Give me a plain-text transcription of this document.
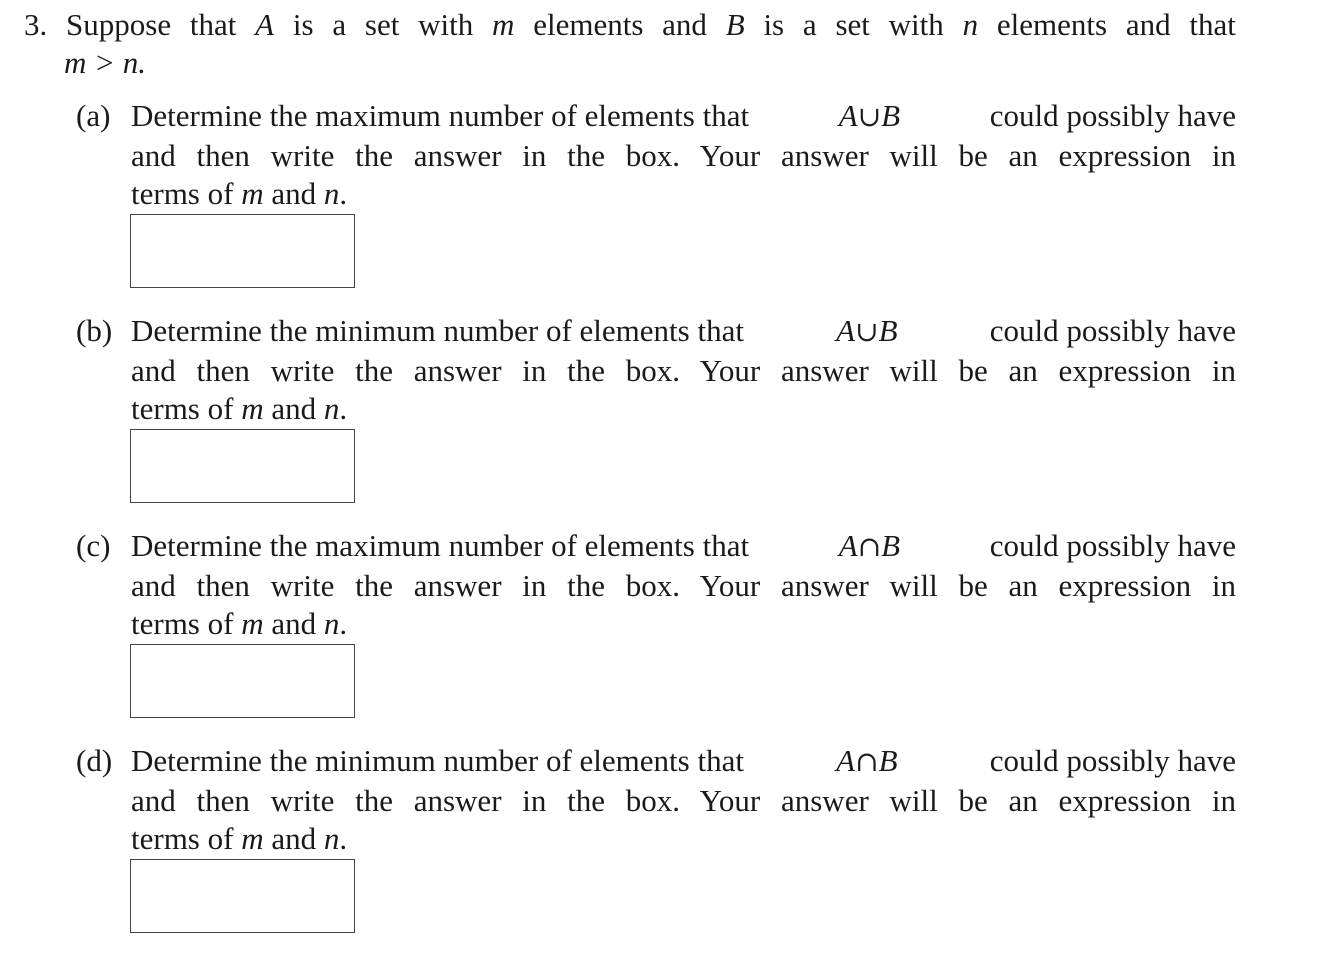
3. Suppose that A is a set with m elements and B is a set with n elements and that
m > n.
(a) Determine the maximum number of elements that	A∪B	could possibly have
and then write the answer in the box. Your answer will be an expression in
terms of m and n.
(b) Determine the minimum number of elements that	A∪B	could possibly have
and then write the answer in the box. Your answer will be an expression in
terms of m and n.
(c) Determine the maximum number of elements that	A∩B	could possibly have
and then write the answer in the box. Your answer will be an expression in
terms of m and n.
(d) Determine the minimum number of elements that	A∩B	could possibly have
and then write the answer in the box. Your answer will be an expression in
terms of m and n.
